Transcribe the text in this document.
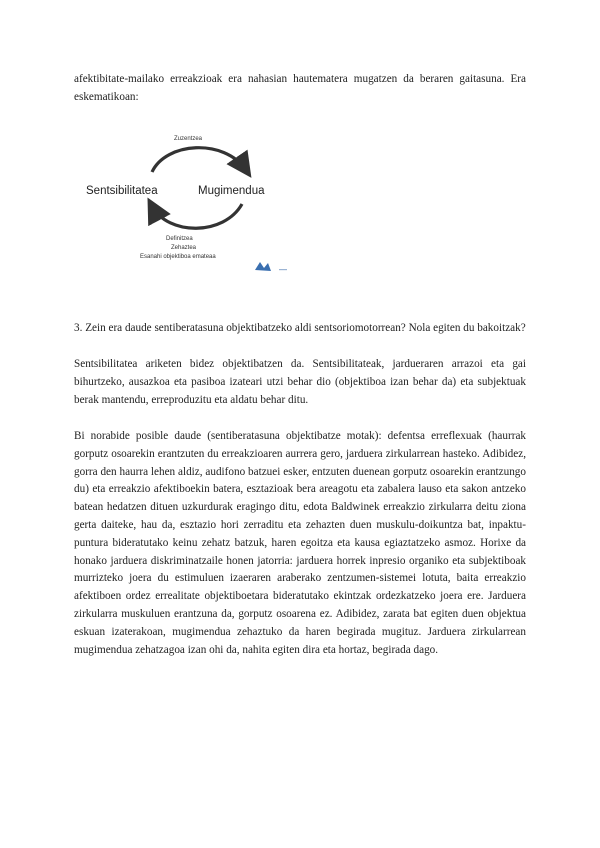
afektibitate-mailako erreakzioak era nahasian hautematera mugatzen da beraren gaitasuna. Era eskematikoan:

Zuzentzea
Sentsibilitatea	Mugimendua
Definitzea
Zehaztea
Esanahi objektiboa emateaa

3. Zein era daude sentiberatasuna objektibatzeko aldi sentsoriomotorrean? Nola egiten du bakoitzak?

Sentsibilitatea ariketen bidez objektibatzen da. Sentsibilitateak, jardueraren arrazoi eta gai bihurtzeko, ausazkoa eta pasiboa izateari utzi behar dio (objektiboa izan behar da) eta subjektuak berak mantendu, erreproduzitu eta aldatu behar ditu.

Bi norabide posible daude (sentiberatasuna objektibatze motak): defentsa erreflexuak (haurrak gorputz osoarekin erantzuten du erreakzioaren aurrera gero, jarduera zirkularrean hasteko. Adibidez, gorra den haurra lehen aldiz, audifono batzuei esker, entzuten duenean gorputz osoarekin erantzungo du) eta erreakzio afektiboekin batera, esztazioak bera areagotu eta zabalera lauso eta sakon antzeko batean hedatzen dituen uzkurdurak eragingo ditu, edota Baldwinek erreakzio zirkularra deitu ziona gerta daiteke, hau da, esztazio hori zerraditu eta zehazten duen muskulu-doikuntza bat, inpaktu-puntura bideratutako keinu zehatz batzuk, haren egoitza eta kausa egiaztatzeko asmoz. Horixe da honako jarduera diskriminatzaile honen jatorria: jarduera horrek inpresio organiko eta subjektiboak murrizteko joera du estimuluen izaeraren araberako zentzumen-sistemei lotuta, baita erreakzio afektiboen ordez errealitate objektiboetara bideratutako ekintzak ordezkatzeko joera ere. Jarduera zirkularra muskuluen erantzuna da, gorputz osoarena ez. Adibidez, zarata bat egiten duen objektua eskuan izaterakoan, mugimendua zehaztuko da haren begirada mugituz. Jarduera zirkularrean mugimendua zehatzagoa izan ohi da, nahita egiten dira eta hortaz, begirada dago.
